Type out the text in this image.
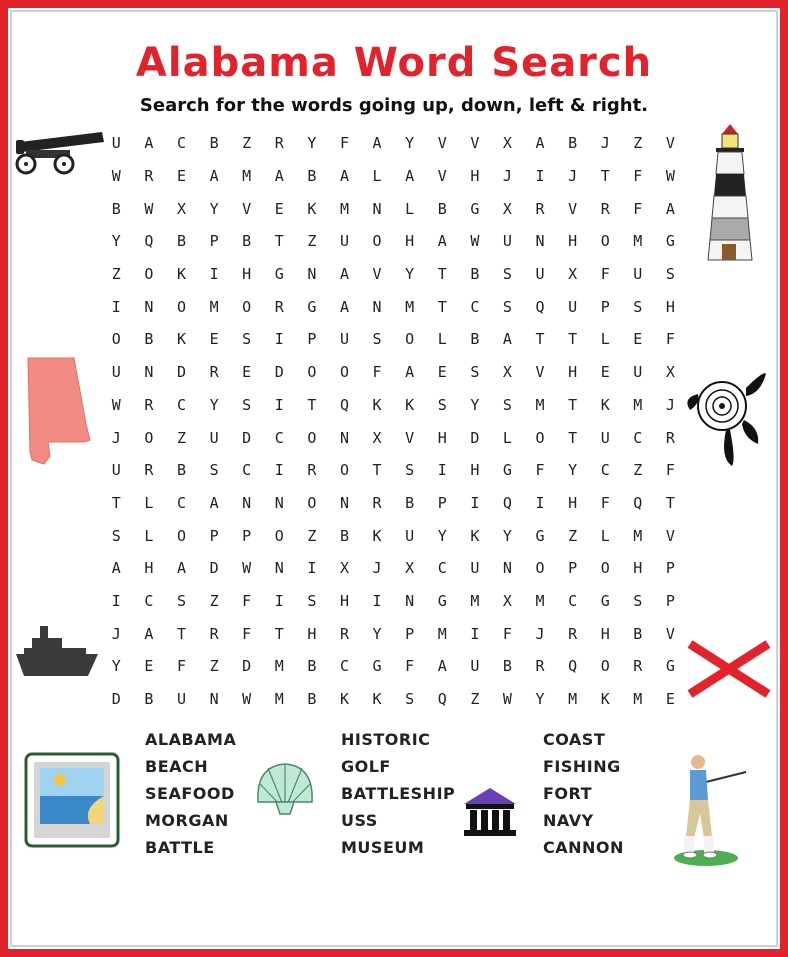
Alabama Word Search
Search for the words going up, down, left & right.
U	A	C	B	Z	R	Y	F	A	Y	V	V	X	A	B	J	Z	V
W	R	E	A	M	A	B	A	L	A	V	H	J	I	J	T	F	W
B	W	X	Y	V	E	K	M	N	L	B	G	X	R	V	R	F	A
Y	Q	B	P	B	T	Z	U	O	H	A	W	U	N	H	O	M	G
Z	O	K	I	H	G	N	A	V	Y	T	B	S	U	X	F	U	S
I	N	O	M	O	R	G	A	N	M	T	C	S	Q	U	P	S	H
O	B	K	E	S	I	P	U	S	O	L	B	A	T	T	L	E	F
U	N	D	R	E	D	O	O	F	A	E	S	X	V	H	E	U	X
W	R	C	Y	S	I	T	Q	K	K	S	Y	S	M	T	K	M	J
J	O	Z	U	D	C	O	N	X	V	H	D	L	O	T	U	C	R
U	R	B	S	C	I	R	O	T	S	I	H	G	F	Y	C	Z	F
T	L	C	A	N	N	O	N	R	B	P	I	Q	I	H	F	Q	T
S	L	O	P	P	O	Z	B	K	U	Y	K	Y	G	Z	L	M	V
A	H	A	D	W	N	I	X	J	X	C	U	N	O	P	O	H	P
I	C	S	Z	F	I	S	H	I	N	G	M	X	M	C	G	S	P
J	A	T	R	F	T	H	R	Y	P	M	I	F	J	R	H	B	V
Y	E	F	Z	D	M	B	C	G	F	A	U	B	R	Q	O	R	G
D	B	U	N	W	M	B	K	K	S	Q	Z	W	Y	M	K	M	E
ALABAMA
BEACH
SEAFOOD
MORGAN
BATTLE
HISTORIC
GOLF
BATTLESHIP
USS
MUSEUM
COAST
FISHING
FORT
NAVY
CANNON
